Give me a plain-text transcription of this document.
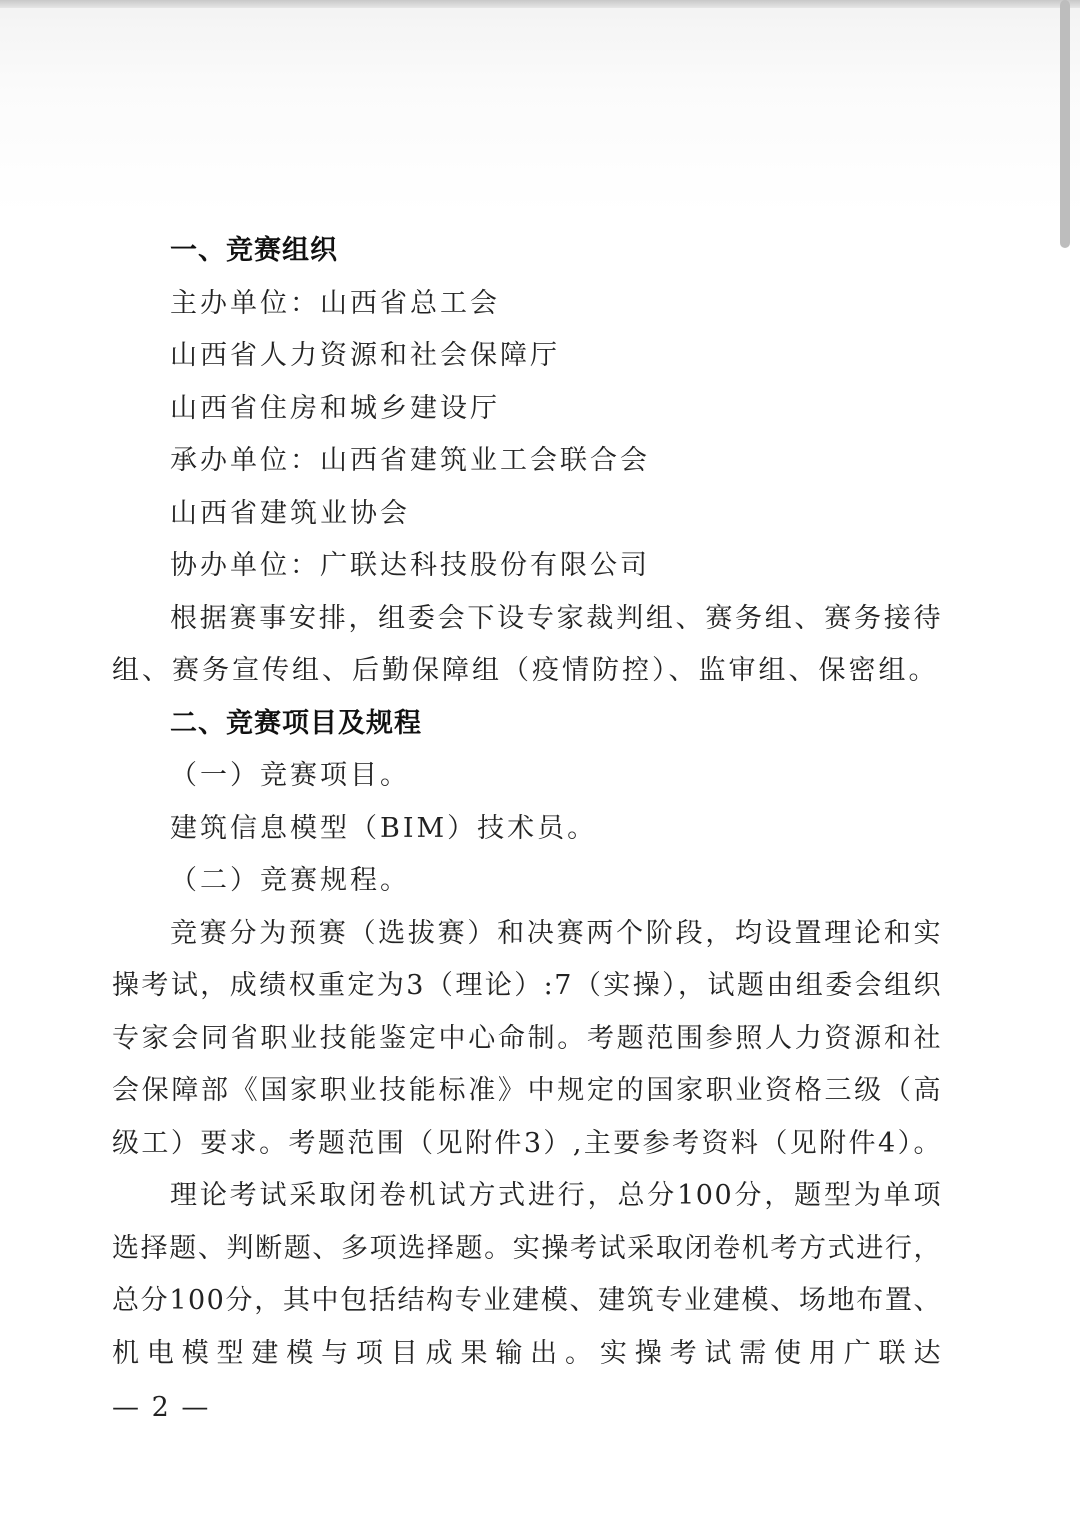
一、竞赛组织
主办单位：山西省总工会
山西省人力资源和社会保障厅
山西省住房和城乡建设厅
承办单位：山西省建筑业工会联合会
山西省建筑业协会
协办单位：广联达科技股份有限公司
根据赛事安排，组委会下设专家裁判组、赛务组、赛务接待
组、赛务宣传组、后勤保障组（疫情防控）、监审组、保密组。
二、竞赛项目及规程
（一）竞赛项目。
建筑信息模型（BIM）技术员。
（二）竞赛规程。
竞赛分为预赛（选拔赛）和决赛两个阶段，均设置理论和实
操考试，成绩权重定为3（理论）:7（实操），试题由组委会组织
专家会同省职业技能鉴定中心命制。考题范围参照人力资源和社
会保障部《国家职业技能标准》中规定的国家职业资格三级（高
级工）要求。考题范围（见附件3）,主要参考资料（见附件4）。
理论考试采取闭卷机试方式进行，总分100分，题型为单项
选择题、判断题、多项选择题。实操考试采取闭卷机考方式进行，
总分100分，其中包括结构专业建模、建筑专业建模、场地布置、
机电模型建模与项目成果输出。实操考试需使用广联达
— 2 —
